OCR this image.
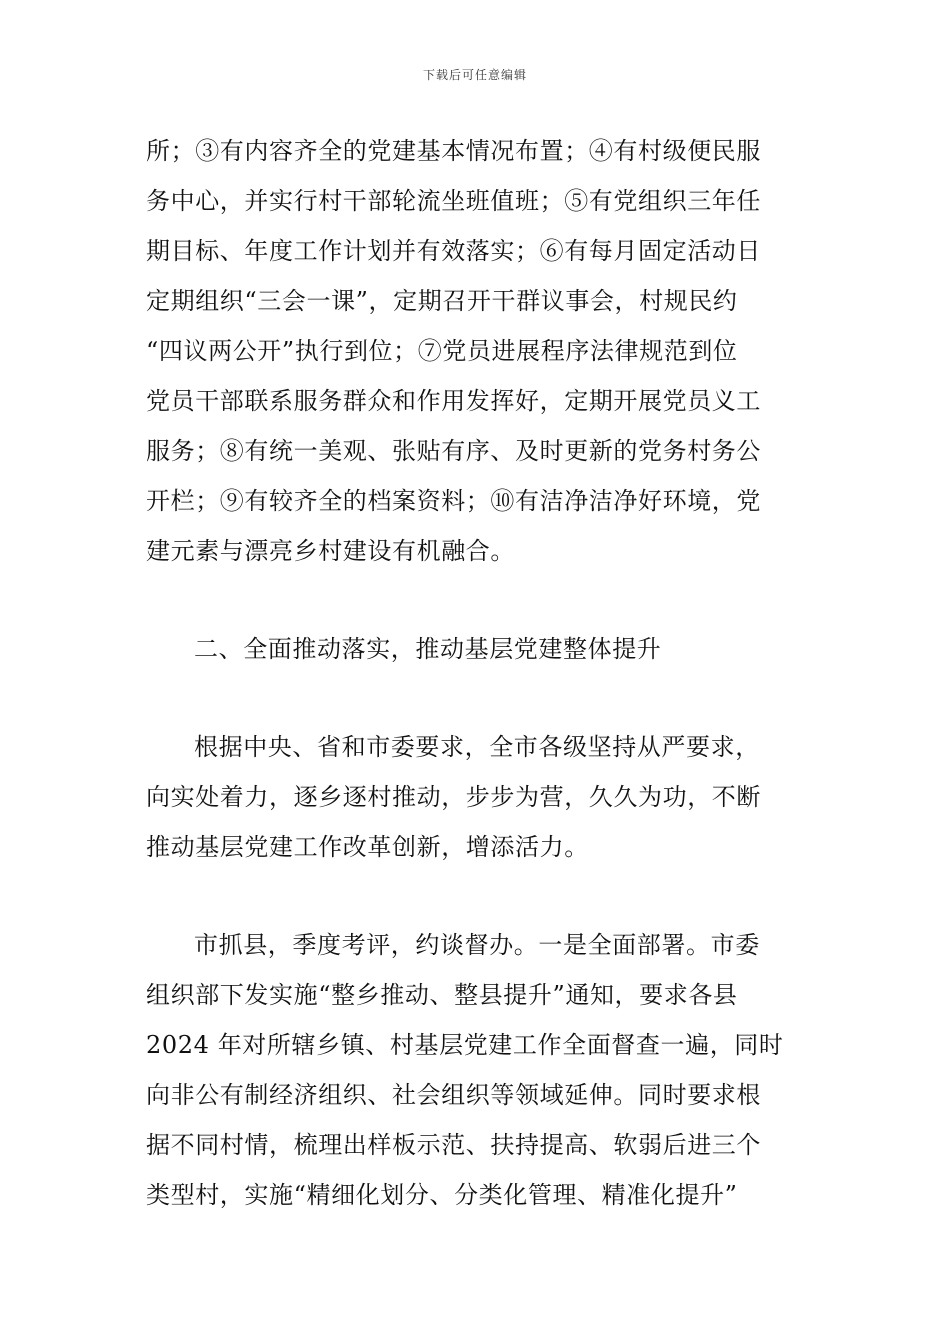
下载后可任意编辑
所；③有内容齐全的党建基本情况布置；④有村级便民服
务中心，并实行村干部轮流坐班值班；⑤有党组织三年任
期目标、年度工作计划并有效落实；⑥有每月固定活动日
定期组织“三会一课”，定期召开干群议事会，村规民约
“四议两公开”执行到位；⑦党员进展程序法律规范到位
党员干部联系服务群众和作用发挥好，定期开展党员义工
服务；⑧有统一美观、张贴有序、及时更新的党务村务公
开栏；⑨有较齐全的档案资料；⑩有洁净洁净好环境，党
建元素与漂亮乡村建设有机融合。
二、全面推动落实，推动基层党建整体提升
根据中央、省和市委要求，全市各级坚持从严要求，
向实处着力，逐乡逐村推动，步步为营，久久为功，不断
推动基层党建工作改革创新，增添活力。
市抓县，季度考评，约谈督办。一是全面部署。市委
组织部下发实施“整乡推动、整县提升”通知，要求各县
2024 年对所辖乡镇、村基层党建工作全面督查一遍，同时
向非公有制经济组织、社会组织等领域延伸。同时要求根
据不同村情，梳理出样板示范、扶持提高、软弱后进三个
类型村，实施“精细化划分、分类化管理、精准化提升”
